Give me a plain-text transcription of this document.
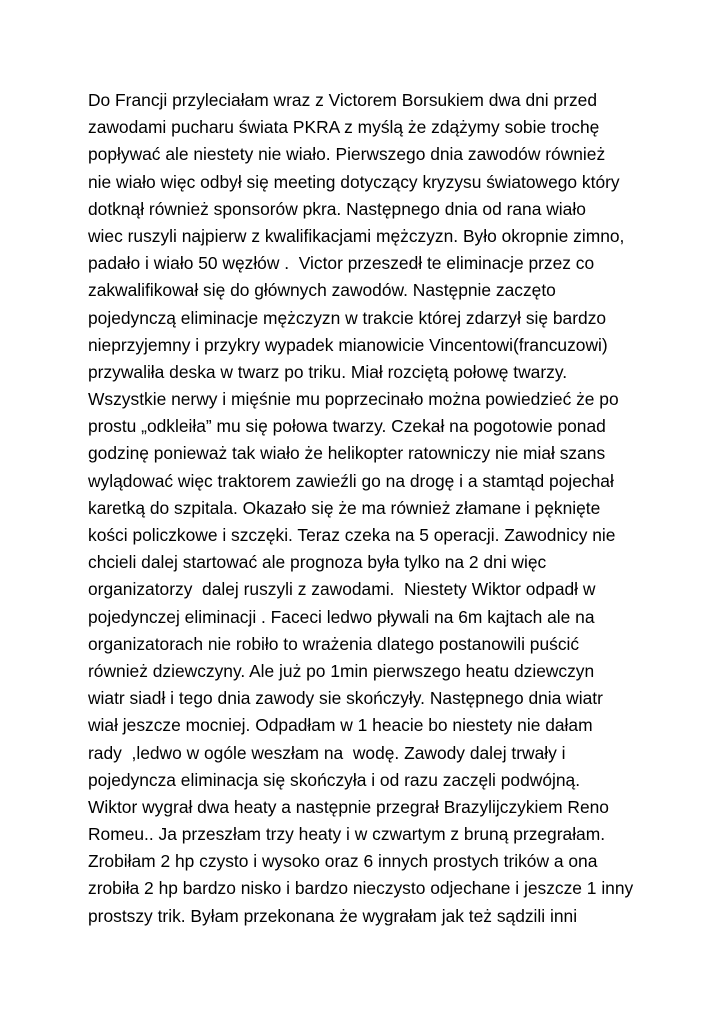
Do Francji przyleciałam wraz z Victorem Borsukiem dwa dni przed
zawodami pucharu świata PKRA z myślą że zdążymy sobie trochę
popływać ale niestety nie wiało. Pierwszego dnia zawodów również
nie wiało więc odbył się meeting dotyczący kryzysu światowego który
dotknął również sponsorów pkra. Następnego dnia od rana wiało
wiec ruszyli najpierw z kwalifikacjami mężczyzn. Było okropnie zimno,
padało i wiało 50 węzłów .  Victor przeszedł te eliminacje przez co
zakwalifikował się do głównych zawodów. Następnie zaczęto
pojedynczą eliminacje mężczyzn w trakcie której zdarzył się bardzo
nieprzyjemny i przykry wypadek mianowicie Vincentowi(francuzowi)
przywaliła deska w twarz po triku. Miał rozciętą połowę twarzy.
Wszystkie nerwy i mięśnie mu poprzecinało można powiedzieć że po
prostu „odkleiła” mu się połowa twarzy. Czekał na pogotowie ponad
godzinę ponieważ tak wiało że helikopter ratowniczy nie miał szans
wylądować więc traktorem zawieźli go na drogę i a stamtąd pojechał
karetką do szpitala. Okazało się że ma również złamane i pęknięte
kości policzkowe i szczęki. Teraz czeka na 5 operacji. Zawodnicy nie
chcieli dalej startować ale prognoza była tylko na 2 dni więc
organizatorzy  dalej ruszyli z zawodami.  Niestety Wiktor odpadł w
pojedynczej eliminacji . Faceci ledwo pływali na 6m kajtach ale na
organizatorach nie robiło to wrażenia dlatego postanowili puścić
również dziewczyny. Ale już po 1min pierwszego heatu dziewczyn
wiatr siadł i tego dnia zawody sie skończyły. Następnego dnia wiatr
wiał jeszcze mocniej. Odpadłam w 1 heacie bo niestety nie dałam
rady  ,ledwo w ogóle weszłam na  wodę. Zawody dalej trwały i
pojedyncza eliminacja się skończyła i od razu zaczęli podwójną.
Wiktor wygrał dwa heaty a następnie przegrał Brazylijczykiem Reno
Romeu.. Ja przeszłam trzy heaty i w czwartym z bruną przegrałam.
Zrobiłam 2 hp czysto i wysoko oraz 6 innych prostych trików a ona
zrobiła 2 hp bardzo nisko i bardzo nieczysto odjechane i jeszcze 1 inny
prostszy trik. Byłam przekonana że wygrałam jak też sądzili inni
